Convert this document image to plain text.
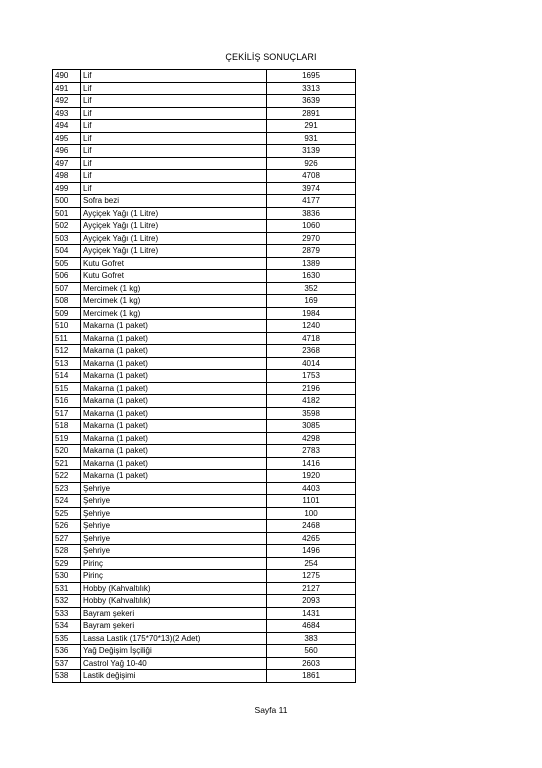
ÇEKİLİŞ SONUÇLARI
490	Lif	1695
491	Lif	3313
492	Lif	3639
493	Lif	2891
494	Lif	291
495	Lif	931
496	Lif	3139
497	Lif	926
498	Lif	4708
499	Lif	3974
500	Sofra bezi	4177
501	Ayçiçek Yağı (1 Litre)	3836
502	Ayçiçek Yağı (1 Litre)	1060
503	Ayçiçek Yağı (1 Litre)	2970
504	Ayçiçek Yağı (1 Litre)	2879
505	Kutu Gofret	1389
506	Kutu Gofret	1630
507	Mercimek (1 kg)	352
508	Mercimek (1 kg)	169
509	Mercimek (1 kg)	1984
510	Makarna (1 paket)	1240
511	Makarna (1 paket)	4718
512	Makarna (1 paket)	2368
513	Makarna (1 paket)	4014
514	Makarna (1 paket)	1753
515	Makarna (1 paket)	2196
516	Makarna (1 paket)	4182
517	Makarna (1 paket)	3598
518	Makarna (1 paket)	3085
519	Makarna (1 paket)	4298
520	Makarna (1 paket)	2783
521	Makarna (1 paket)	1416
522	Makarna (1 paket)	1920
523	Şehriye	4403
524	Şehriye	1101
525	Şehriye	100
526	Şehriye	2468
527	Şehriye	4265
528	Şehriye	1496
529	Pirinç	254
530	Pirinç	1275
531	Hobby (Kahvaltılık)	2127
532	Hobby (Kahvaltılık)	2093
533	Bayram şekeri	1431
534	Bayram şekeri	4684
535	Lassa Lastik (175*70*13)(2 Adet)	383
536	Yağ Değişim İşçiliği	560
537	Castrol Yağ 10-40	2603
538	Lastik değişimi	1861
Sayfa 11
